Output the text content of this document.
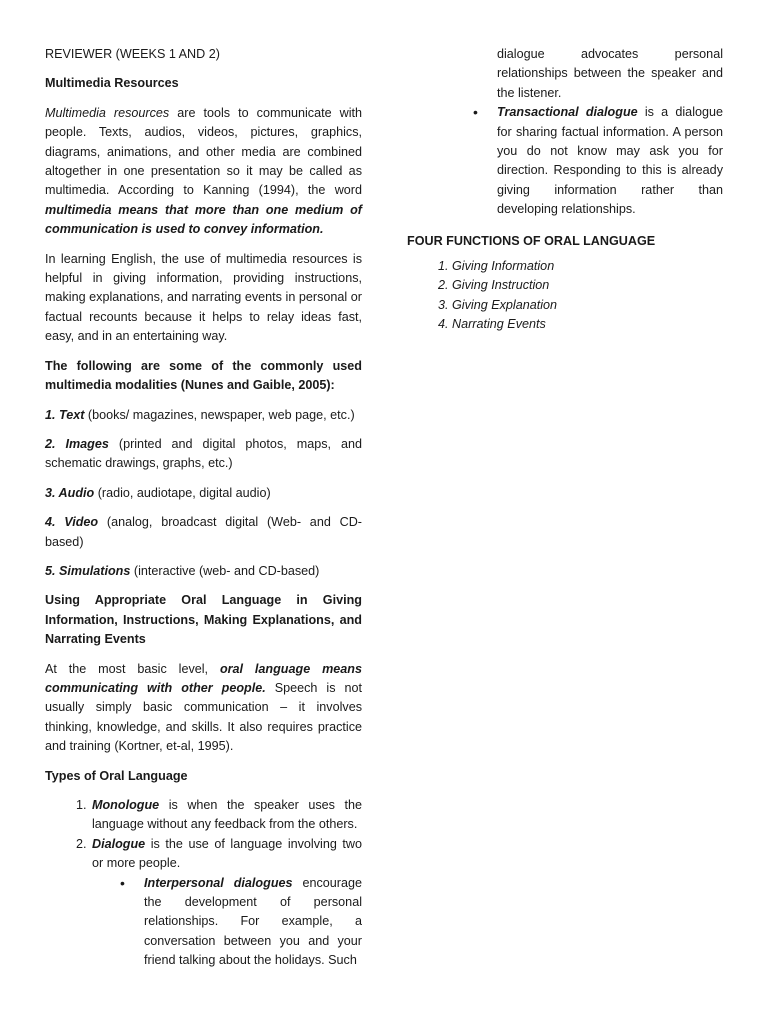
REVIEWER (WEEKS 1 AND 2)

Multimedia Resources

Multimedia resources are tools to communicate with people. Texts, audios, videos, pictures, graphics, diagrams, animations, and other media are combined altogether in one presentation so it may be called as multimedia. According to Kanning (1994), the word multimedia means that more than one medium of communication is used to convey information.

In learning English, the use of multimedia resources is helpful in giving information, providing instructions, making explanations, and narrating events in personal or factual recounts because it helps to relay ideas fast, easy, and in an entertaining way.

The following are some of the commonly used multimedia modalities (Nunes and Gaible, 2005):

1. Text (books/ magazines, newspaper, web page, etc.)

2. Images (printed and digital photos, maps, and schematic drawings, graphs, etc.)

3. Audio (radio, audiotape, digital audio)

4. Video (analog, broadcast digital (Web- and CD-based)

5. Simulations (interactive (web- and CD-based)

Using Appropriate Oral Language in Giving Information, Instructions, Making Explanations, and Narrating Events

At the most basic level, oral language means communicating with other people. Speech is not usually simply basic communication – it involves thinking, knowledge, and skills. It also requires practice and training (Kortner, et-al, 1995).

Types of Oral Language

1. Monologue is when the speaker uses the language without any feedback from the others.
2. Dialogue is the use of language involving two or more people.
• Interpersonal dialogues encourage the development of personal relationships. For example, a conversation between you and your friend talking about the holidays. Such

dialogue advocates personal relationships between the speaker and the listener.

• Transactional dialogue is a dialogue for sharing factual information. A person you do not know may ask you for direction. Responding to this is already giving information rather than developing relationships.

FOUR FUNCTIONS OF ORAL LANGUAGE

1. Giving Information
2. Giving Instruction
3. Giving Explanation
4. Narrating Events
